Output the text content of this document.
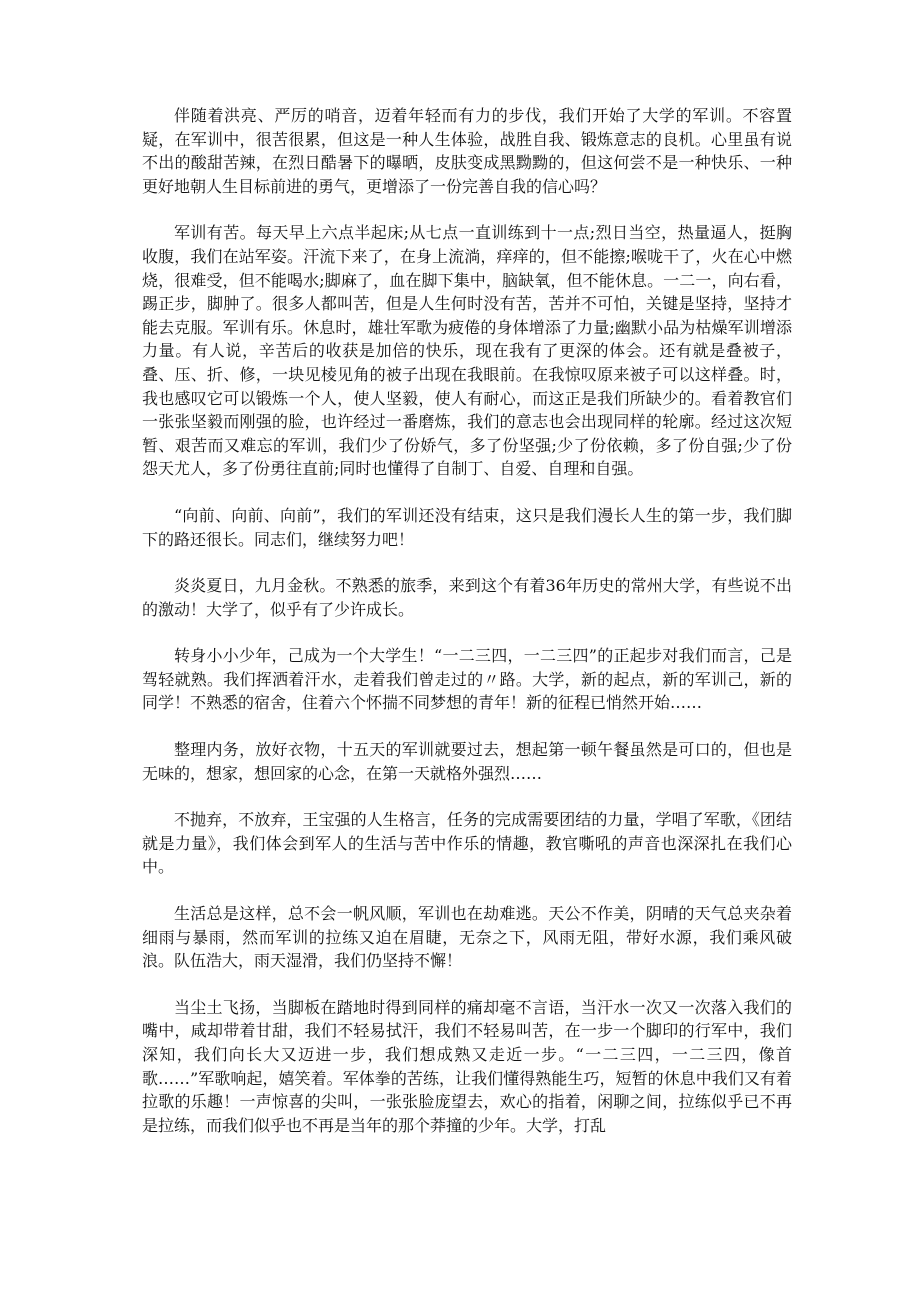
伴随着洪亮、严厉的哨音，迈着年轻而有力的步伐，我们开始了大学的军训。不容置疑，在军训中，很苦很累，但这是一种人生体验，战胜自我、锻炼意志的良机。心里虽有说不出的酸甜苦辣，在烈日酷暑下的曝晒，皮肤变成黑黝黝的，但这何尝不是一种快乐、一种更好地朝人生目标前进的勇气，更增添了一份完善自我的信心吗？

军训有苦。每天早上六点半起床;从七点一直训练到十一点;烈日当空，热量逼人，挺胸收腹，我们在站军姿。汗流下来了，在身上流淌，痒痒的，但不能擦;喉咙干了，火在心中燃烧，很难受，但不能喝水;脚麻了，血在脚下集中，脑缺氧，但不能休息。一二一，向右看，踢正步，脚肿了。很多人都叫苦，但是人生何时没有苦，苦并不可怕，关键是坚持，坚持才能去克服。军训有乐。休息时，雄壮军歌为疲倦的身体增添了力量;幽默小品为枯燥军训增添力量。有人说，辛苦后的收获是加倍的快乐，现在我有了更深的体会。还有就是叠被子，叠、压、折、修，一块见棱见角的被子出现在我眼前。在我惊叹原来被子可以这样叠。时，我也感叹它可以锻炼一个人，使人坚毅，使人有耐心，而这正是我们所缺少的。看着教官们一张张坚毅而刚强的脸，也许经过一番磨炼，我们的意志也会出现同样的轮廓。经过这次短暂、艰苦而又难忘的军训，我们少了份娇气，多了份坚强;少了份依赖，多了份自强;少了份怨天尤人，多了份勇往直前;同时也懂得了自制丁、自爱、自理和自强。

“向前、向前、向前”，我们的军训还没有结束，这只是我们漫长人生的第一步，我们脚下的路还很长。同志们，继续努力吧！

炎炎夏日，九月金秋。不熟悉的旅季，来到这个有着36年历史的常州大学，有些说不出的激动！大学了，似乎有了少许成长。

转身小小少年，己成为一个大学生！“一二三四，一二三四”的正起步对我们而言，己是驾轻就熟。我们挥洒着汗水，走着我们曾走过的〃路。大学，新的起点，新的军训己，新的同学！不熟悉的宿舍，住着六个怀揣不同梦想的青年！新的征程已悄然开始……

整理内务，放好衣物，十五天的军训就要过去，想起第一顿午餐虽然是可口的，但也是无味的，想家，想回家的心念，在第一天就格外强烈……

不抛弃，不放弃，王宝强的人生格言，任务的完成需要团结的力量，学唱了军歌，《团结就是力量》，我们体会到军人的生活与苦中作乐的情趣，教官嘶吼的声音也深深扎在我们心中。

生活总是这样，总不会一帆风顺，军训也在劫难逃。天公不作美，阴晴的天气总夹杂着细雨与暴雨，然而军训的拉练又迫在眉睫，无奈之下，风雨无阻，带好水源，我们乘风破浪。队伍浩大，雨天湿滑，我们仍坚持不懈！

当尘土飞扬，当脚板在踏地时得到同样的痛却毫不言语，当汗水一次又一次落入我们的嘴中，咸却带着甘甜，我们不轻易拭汗，我们不轻易叫苦，在一步一个脚印的行军中，我们深知，我们向长大又迈进一步，我们想成熟又走近一步。“一二三四，一二三四，像首歌……”军歌响起，嬉笑着。军体拳的苦练，让我们懂得熟能生巧，短暂的休息中我们又有着拉歌的乐趣！一声惊喜的尖叫，一张张脸庞望去，欢心的指着，闲聊之间，拉练似乎已不再是拉练，而我们似乎也不再是当年的那个莽撞的少年。大学，打乱
